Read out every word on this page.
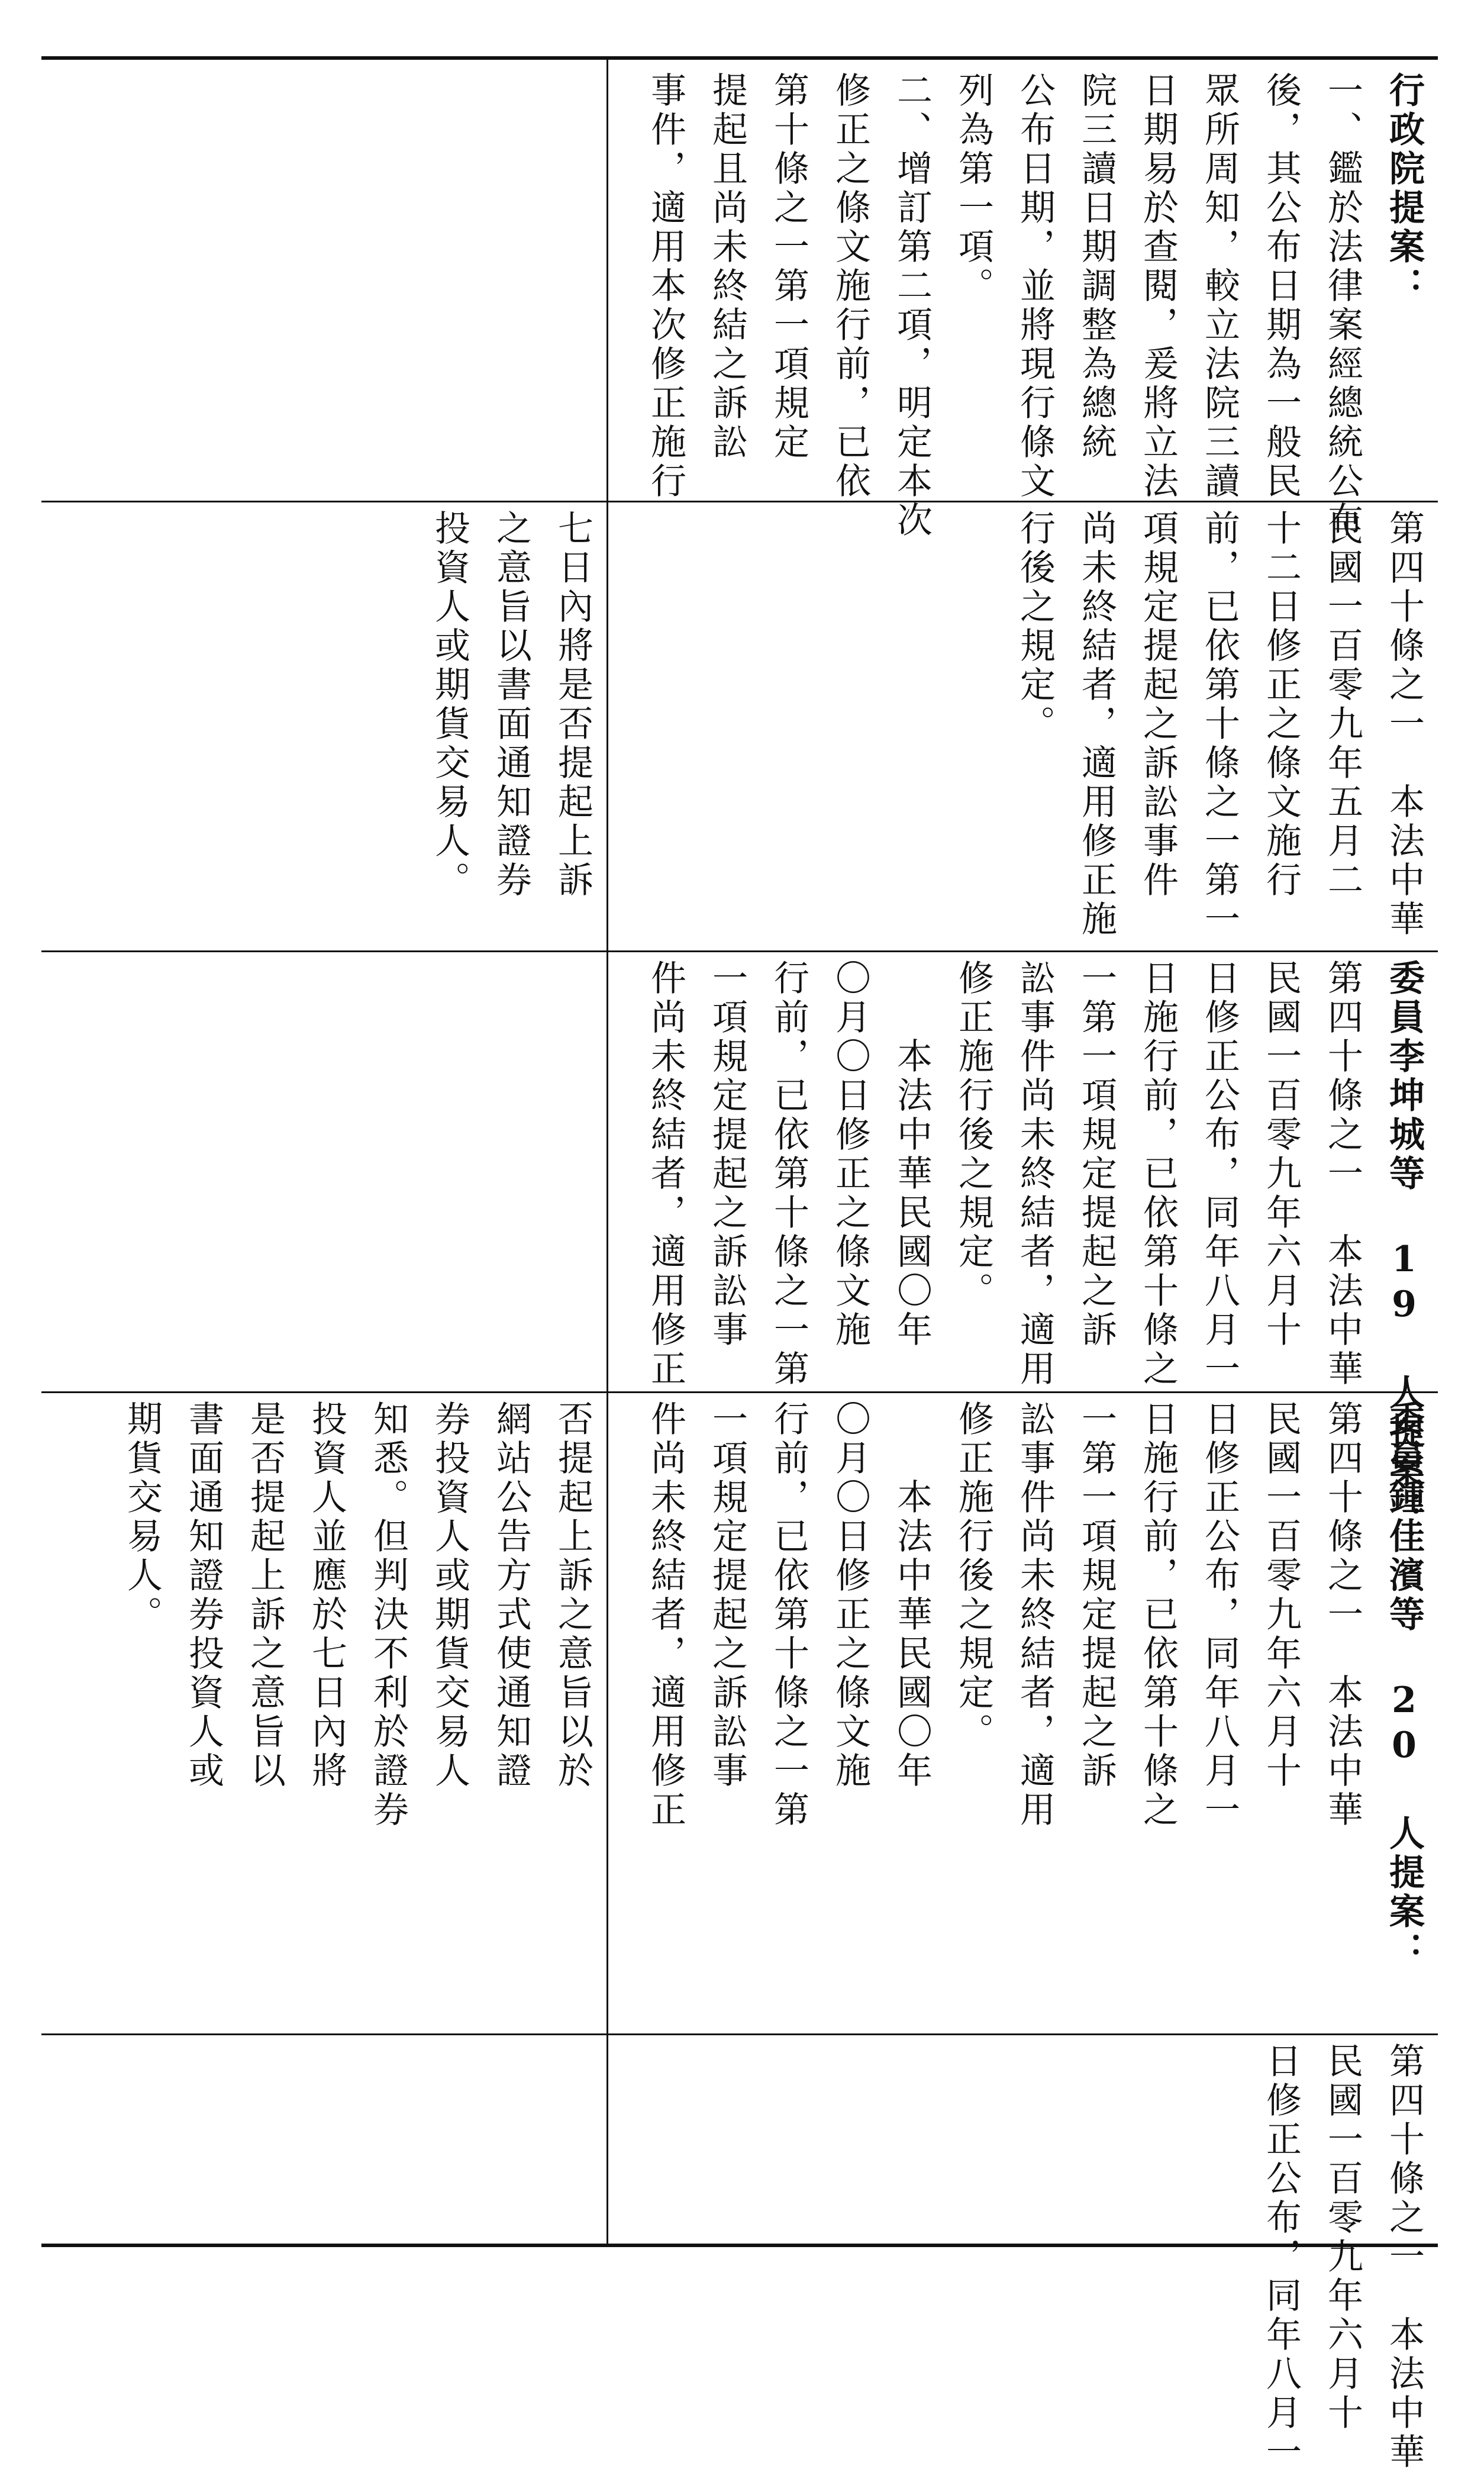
行政院提案：
一、鑑於法律案經總統公布
後，其公布日期為一般民
眾所周知，較立法院三讀
日期易於查閱，爰將立法
院三讀日期調整為總統
公布日期，並將現行條文
列為第一項。
二、增訂第二項，明定本次
修正之條文施行前，已依
第十條之一第一項規定
提起且尚未終結之訴訟
事件，適用本次修正施行
七日內將是否提起上訴
之意旨以書面通知證券
投資人或期貨交易人。	第四十條之一　本法中華
民國一百零九年五月二
十二日修正之條文施行
前，已依第十條之一第一
項規定提起之訴訟事件
尚未終結者，適用修正施
行後之規定。
委員李坤城等 19 人提案：
第四十條之一　本法中華
民國一百零九年六月十
日修正公布，同年八月一
日施行前，已依第十條之
一第一項規定提起之訴
訟事件尚未終結者，適用
修正施行後之規定。
　　本法中華民國〇年
〇月〇日修正之條文施
行前，已依第十條之一第
一項規定提起之訴訟事
件尚未終結者，適用修正
否提起上訴之意旨以於
網站公告方式使通知證
券投資人或期貨交易人
知悉。但判決不利於證券
投資人並應於七日內將
是否提起上訴之意旨以
書面通知證券投資人或
期貨交易人。	委員鍾佳濱等 20 人提案：
第四十條之一　本法中華
民國一百零九年六月十
日修正公布，同年八月一
日施行前，已依第十條之
一第一項規定提起之訴
訟事件尚未終結者，適用
修正施行後之規定。
　　本法中華民國〇年
〇月〇日修正之條文施
行前，已依第十條之一第
一項規定提起之訴訟事
件尚未終結者，適用修正
第四十條之一　本法中華
民國一百零九年六月十
日修正公布，同年八月一
